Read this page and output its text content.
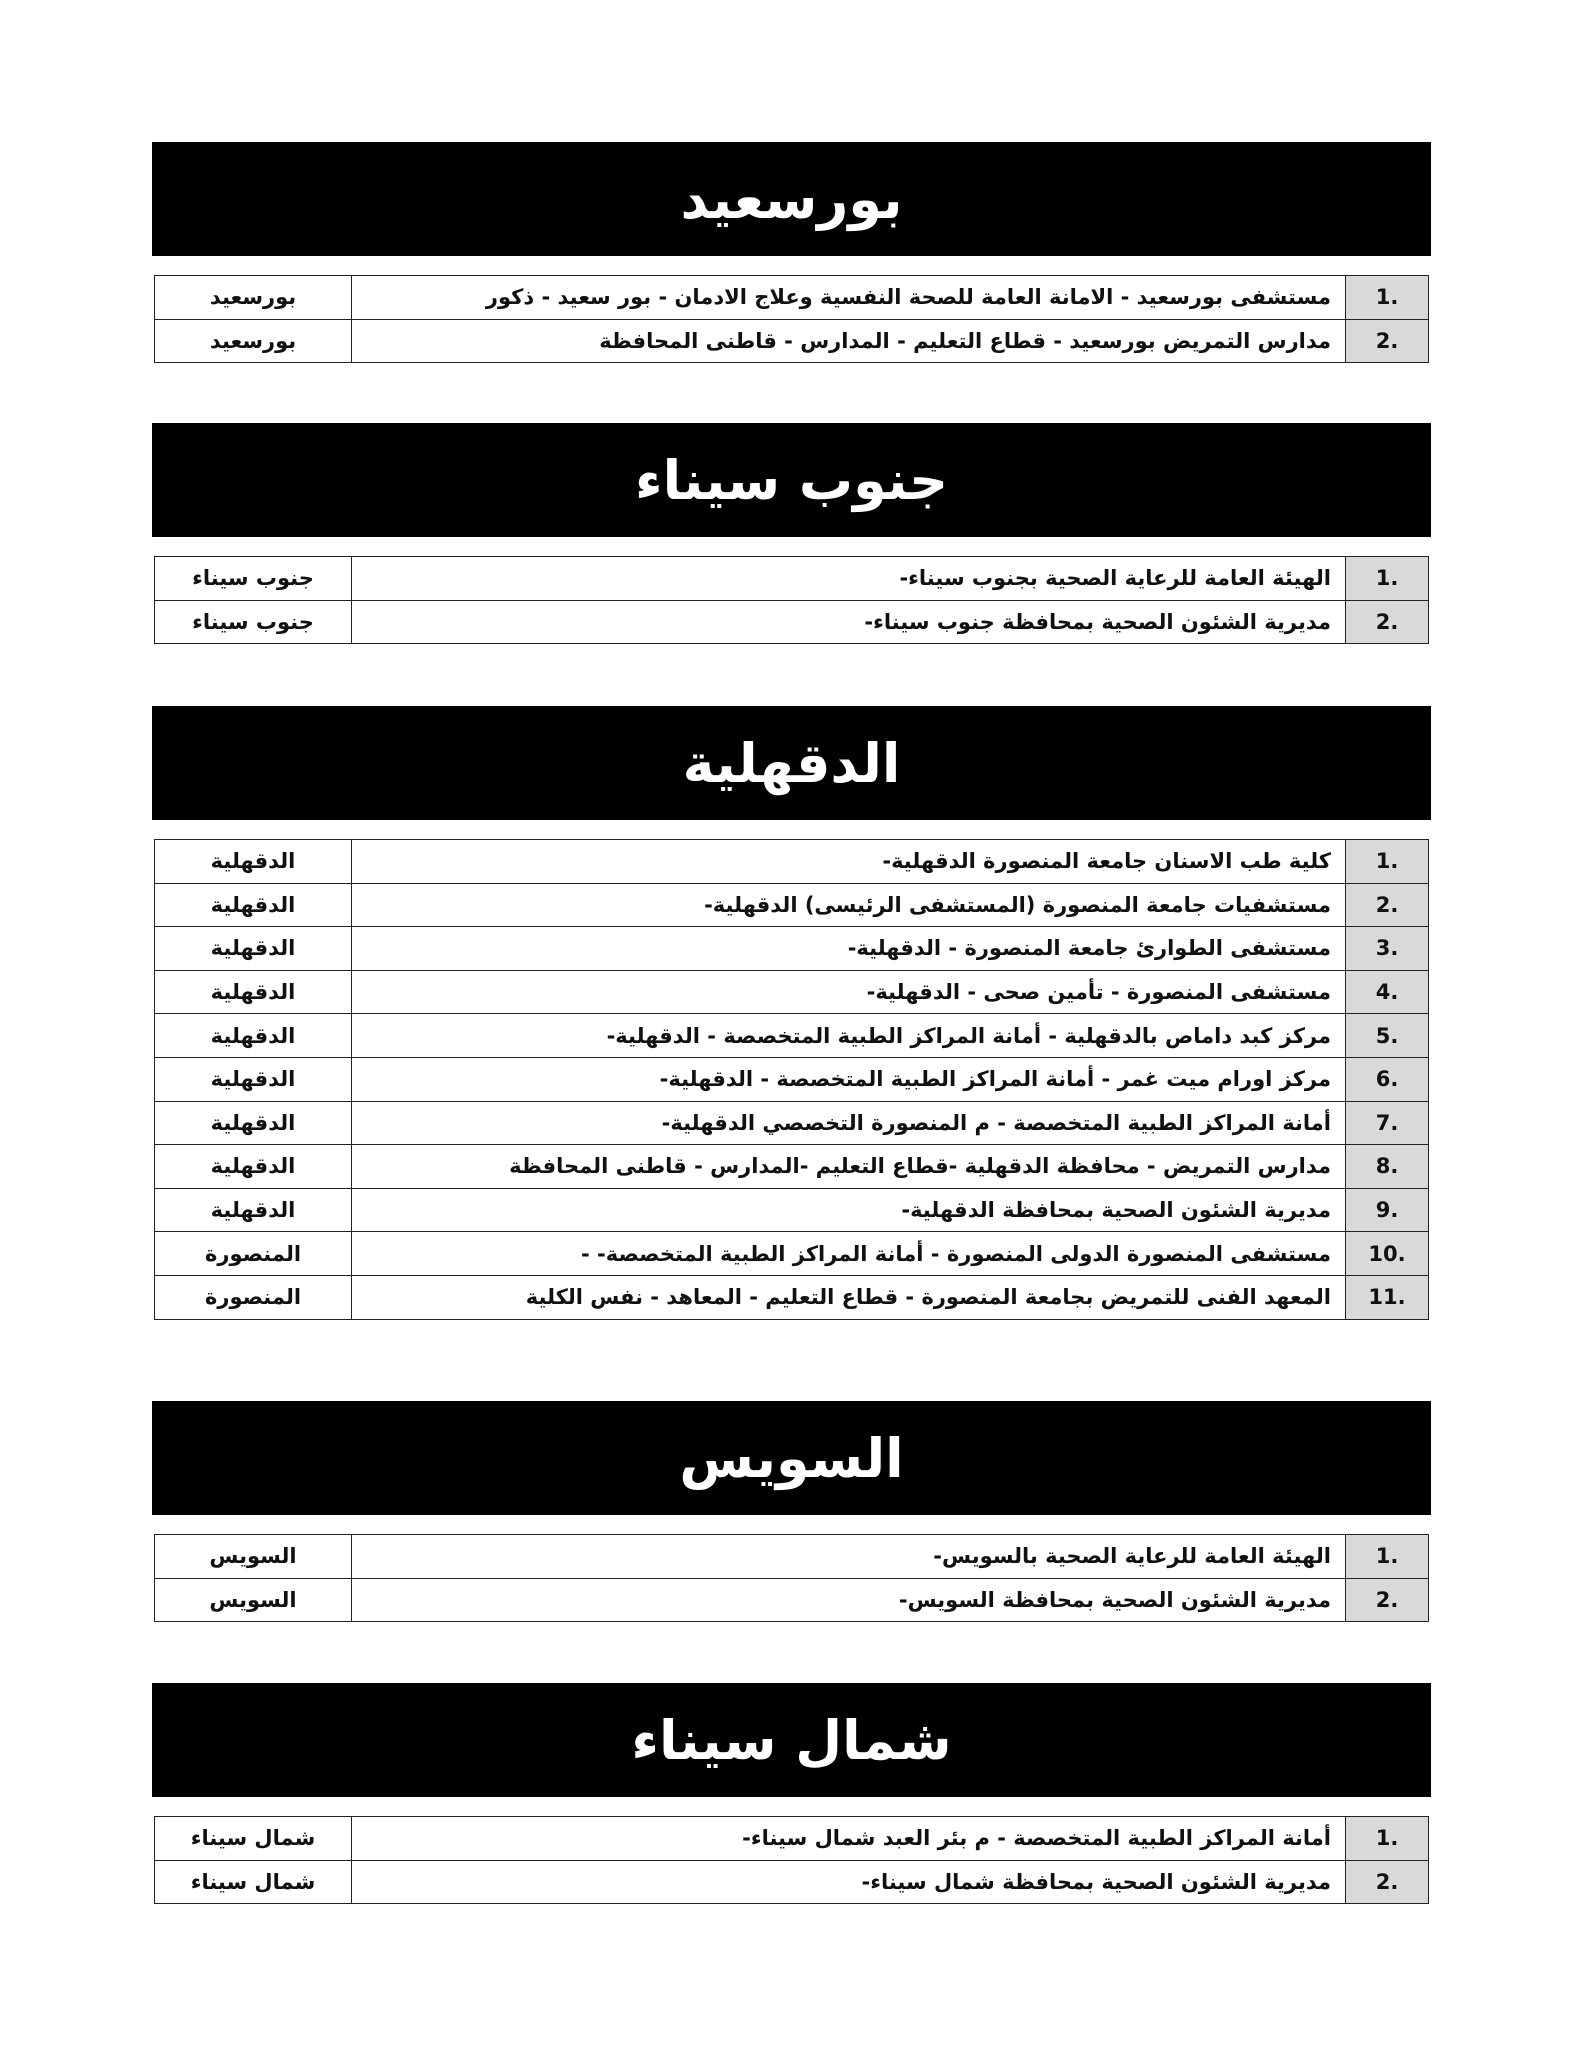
بورسعيد
1.	مستشفى بورسعيد - الامانة العامة للصحة النفسية وعلاج الادمان - بور سعيد - ذكور	بورسعيد
2.	مدارس التمريض بورسعيد - قطاع التعليم - المدارس - قاطنى المحافظة	بورسعيد
جنوب سيناء
1.	الهيئة العامة للرعاية الصحية بجنوب سيناء-	جنوب سيناء
2.	مديرية الشئون الصحية بمحافظة جنوب سيناء-	جنوب سيناء
الدقهلية
1.	كلية طب الاسنان جامعة المنصورة الدقهلية-	الدقهلية
2.	مستشفيات جامعة المنصورة (المستشفى الرئيسى) الدقهلية-	الدقهلية
3.	مستشفى الطوارئ جامعة المنصورة - الدقهلية-	الدقهلية
4.	مستشفى المنصورة - تأمين صحى - الدقهلية-	الدقهلية
5.	مركز كبد داماص بالدقهلية - أمانة المراكز الطبية المتخصصة - الدقهلية-	الدقهلية
6.	مركز اورام ميت غمر - أمانة المراكز الطبية المتخصصة - الدقهلية-	الدقهلية
7.	أمانة المراكز الطبية المتخصصة - م المنصورة التخصصي الدقهلية-	الدقهلية
8.	مدارس التمريض - محافظة الدقهلية -قطاع التعليم -المدارس - قاطنى المحافظة	الدقهلية
9.	مديرية الشئون الصحية بمحافظة الدقهلية-	الدقهلية
10.	مستشفى المنصورة الدولى المنصورة - أمانة المراكز الطبية المتخصصة- -	المنصورة
11.	المعهد الفنى للتمريض بجامعة المنصورة - قطاع التعليم - المعاهد - نفس الكلية	المنصورة
السويس
1.	الهيئة العامة للرعاية الصحية بالسويس-	السويس
2.	مديرية الشئون الصحية بمحافظة السويس-	السويس
شمال سيناء
1.	أمانة المراكز الطبية المتخصصة - م بئر العبد شمال سيناء-	شمال سيناء
2.	مديرية الشئون الصحية بمحافظة شمال سيناء-	شمال سيناء
